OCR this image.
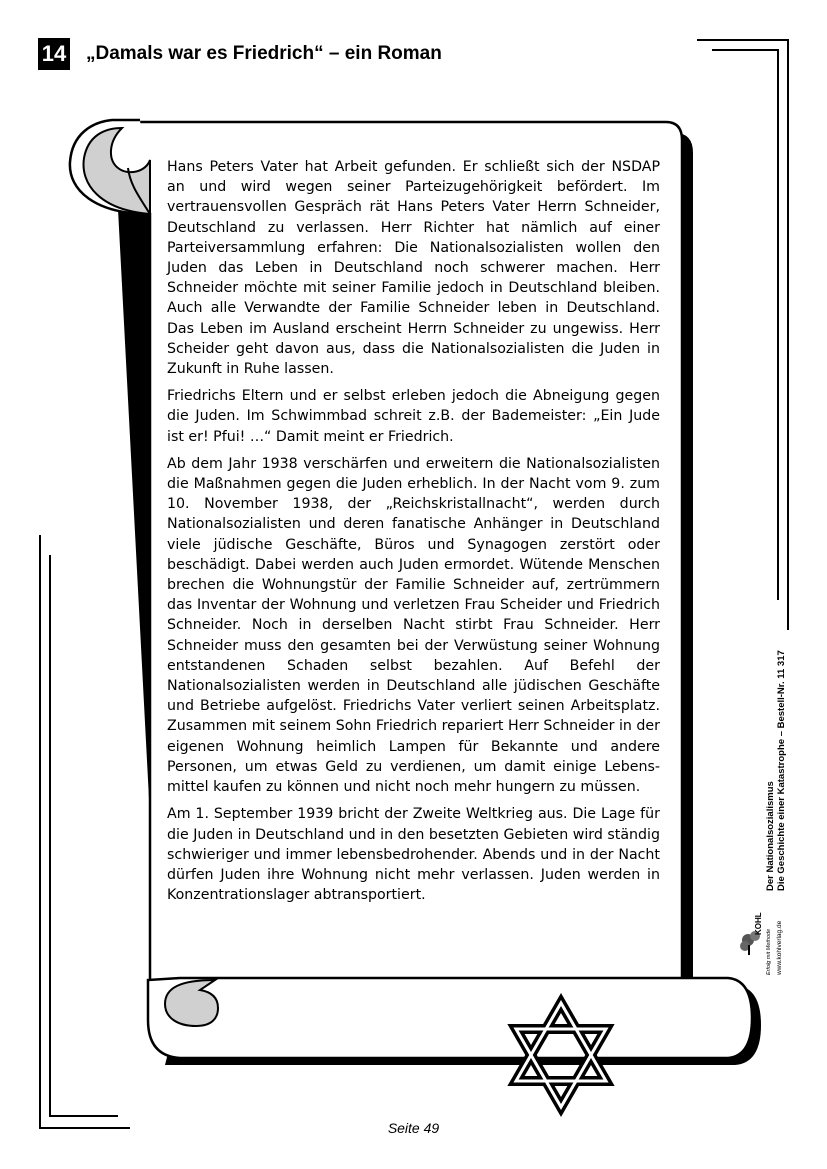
14 „Damals war es Friedrich“ – ein Roman

Hans Peters Vater hat Arbeit gefunden. Er schließt sich der NSDAP an und wird wegen seiner Parteizugehörigkeit befördert. Im vertrauensvollen Gespräch rät Hans Peters Vater Herrn Schneider, Deutschland zu verlassen. Herr Richter hat nämlich auf einer Parteiversammlung erfahren: Die Nationalsozialisten wollen den Juden das Leben in Deutschland noch schwerer machen. Herr Schneider möchte mit seiner Familie jedoch in Deutschland bleiben. Auch alle Verwandte der Familie Schneider leben in Deutschland. Das Leben im Ausland erscheint Herrn Schneider zu ungewiss. Herr Scheider geht davon aus, dass die Nationalsozialisten die Juden in Zukunft in Ruhe lassen.

Friedrichs Eltern und er selbst erleben jedoch die Abneigung gegen die Juden. Im Schwimmbad schreit z.B. der Bademeister: „Ein Jude ist er! Pfui! …“ Damit meint er Friedrich.

Ab dem Jahr 1938 verschärfen und erweitern die Nationalsozialisten die Maßnahmen gegen die Juden erheblich. In der Nacht vom 9. zum 10. November 1938, der „Reichskristallnacht“, werden durch Nationalsozialisten und deren fanatische Anhänger in Deutschland viele jüdische Geschäfte, Büros und Synagogen zerstört oder beschädigt. Dabei werden auch Juden ermordet. Wütende Menschen brechen die Wohnungstür der Familie Schneider auf, zertrümmern das Inventar der Wohnung und verletzen Frau Scheider und Friedrich Schneider. Noch in derselben Nacht stirbt Frau Schneider. Herr Schneider muss den gesamten bei der Verwüstung seiner Wohnung entstandenen Schaden selbst bezahlen. Auf Befehl der Nationalsozialisten werden in Deutschland alle jüdischen Geschäfte und Betriebe aufgelöst. Friedrichs Vater verliert seinen Arbeitsplatz. Zusammen mit seinem Sohn Friedrich repariert Herr Schneider in der eigenen Wohnung heimlich Lampen für Bekannte und andere Personen, um etwas Geld zu verdienen, um damit einige Lebensmittel kaufen zu können und nicht noch mehr hungern zu müssen.

Am 1. September 1939 bricht der Zweite Weltkrieg aus. Die Lage für die Juden in Deutschland und in den besetzten Gebieten wird ständig schwieriger und immer lebensbedrohender. Abends und in der Nacht dürfen Juden ihre Wohnung nicht mehr verlassen. Juden werden in Konzentrationslager abtransportiert.

KOHL
Erfolg mit Methode www.kohlverlag.de
Der Nationalsozialismus Die Geschichte einer Katastrophe – Bestell-Nr. 11 317
Seite 49
